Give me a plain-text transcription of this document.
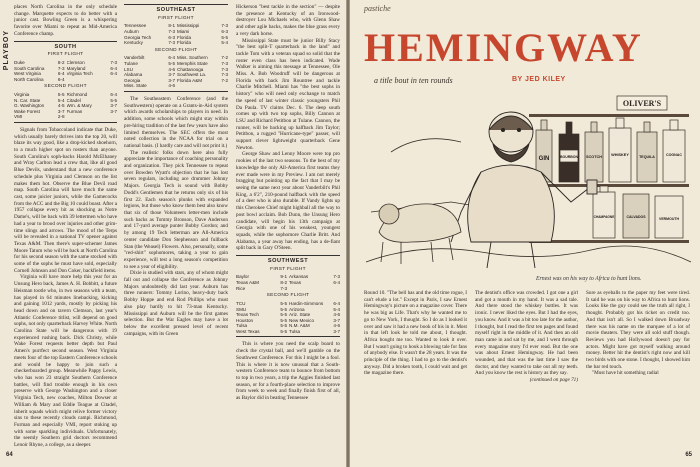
PLAYBOY

places North Carolina in the only schedule change. Marquette expects to do better with a junior cast. Bowling Green is a whispering favorite over Miami to repeat as Mid-America Conference champ.

SOUTH
FIRST FLIGHT
Duke	8-2 Clemson	7-3
South Carolina	7-3 Maryland	6-4
West Virginia	6-4 Virginia Tech	6-4
North Carolina	6-4
SECOND FLIGHT
Virginia	5-5 Richmond	6-4
N. Car. State	5-4 Citadel	5-5
G. Washington	4-5 Wm. & Mary	3-7
Wake Forest	3-7 Furman	3-7
VMI	2-8

Signals from Tobaccoland indicate that Duke, which usually barely thrives into the top 20, will blaze its way good, like a drop-kicked shoehorn, to a much higher spot on rosters than anyone. South Carolina's soph-backs Harold McElhaney and Wray Carlton lead a crew that, like all good Blue Devils, understand that a new conference schedule plus Virginia and Clemson on the list makes them hot. Observe the Blue Devil road map. South Carolina will have much the same cast, some juicier juniors, while the Gamecocks from the ACC and the Big 10 could boast. After a 1957 collapse every bit as shocking as Notre Dame's, will be back with 39 lettermen who have had a year to brood over injuries and other grim-time slings and arrows. The mood of the Terps will be revealed in a national TV opener against Texas A&M. Then there's super-schemer James Moore Tatum who will be back at North Carolina for his second season with the same stocked with some of the sophs he must have sold, especially Cornell Johnson and Don Coker, backfield items.

Virginia will have more help this year for an Unsung Hero back, James A. H. Bobbitt, a future Heisman tootle who, in two seasons with a team, has played in 64 minutes linebacking, kicking and gaining 1012 yards, mostly by picking his head down and on tavern Clemson, last year's Atlantic Conference titlist, will depend on good sophs, not only quarterback Harvey White. North Carolina State will be dangerous with 19 experienced rushing back. Dick Christy, while Wake Forest requests better depth but Paul Amen's purrfect second season. West Virginia meets four of the top Eastern Conference schools and would be happy to join such a checkerboarded group. Meanwhile Pappy Lewis, who has won 23 straight Southern Conference battles, will find trouble enough in his own preserve with George Washington and a closer Virginia Tech, new coaches, Milton Dowser at William & Mary and Eddie Teague at Citadel, inherit squads which might relive former victory sins to these recently clouds campi. Richmond, Furman and especially VMI, report stoking up with some sparkling individuals. Unfortunately, the seemly Southern grid doctors recommend Lenoir Rhyne, a college, as a sleeper.

SOUTHEAST
FIRST FLIGHT
Tennessee	8-1 Mississippi	7-3
Auburn	7-3 Miami	6-3
Georgia Tech	6-3 Florida	5-5
Kentucky	7-3 Florida	5-4
SECOND FLIGHT
Vanderbilt	6-4 Miss. Southern	7-2
Tulane	5-5 Memphis State	7-3
LSU	4-6 Chattanooga	7-3
Alabama	3-7 Southwest La.	7-3
Georgia	3-7 Florida A&M	7-2
Miss. State	4-6

The Southeastern Conference (and the Southwestern) operate on a Grants-in-Aid system which awards scholarships to players in need. In addition, some schools which might stay within pre-hiring tradition of the last few years have also limited themselves. The SEC offers the most noted collection in the NCAA for trial on a national basis. (I hardly care and will not print it.)

The realistic folks down here also fully appreciate the importance of coaching personality and organization. They pick Tennessee to repeat over Bowden Wyatt's objection that he has lost seven regulars, including ace drummer Johnny Majors. Georgia Tech is sound with Bobby Dodd's Gentlemen that he returns only six of his first 22. Each season's plunks with expanded legions, but those who know them best also know that six of those Volunteers letter-men include such backs as Tommy Bronson, Dave Anderson and 17-yard average punter Bobby Gordon; and by among 19 Tech letterman are All-America center candidate Don Stephenson and fullback Stan (the Weasel) Flowers. Also, personally, some "red-shirt" sophomores, taking a year to gain experience, will test a long season's competition to see a year of eligibility.

Dixie is studied with stars, any of whom might fall out and collapse the Conference as Johnny Majors undoubtedly did last year. Auburn has three runners: Tommy Lorino, heavy-duty back Bobby Hoppe and end Rod Phillips who must also play hardly to hit 73-man Kentucky. Mississippi and Auburn will be the first games selection. But the War Eagles may have a lot below the excellent pressed level of recent campaigns, with its Green

Hickerson "best tackle in the section" — despite the presence at Kentucky of an Ironwood-destroyer Lou Michaels who, with Glenn Shaw and other agile backs, makes the blue grass every a very dark horse.

Mississippi State must be junior Billy Stacy "the best split-T quarterback in the land" and tackle Tom with a veteran squad so solid that the roster even class has been indicated. Wade Walker is aiming this message at Tennessee, Ole Miss. A. Bob Woodruff will be dangerous at Florida with back Jim Rountree and tackle Charlie Mitchell. Miami has "the best sophs in history" who will need only exchange to match the speed of last winter classic youngsters Phil Da Paula. TV claims Dec. 6. The deep south comes up with two top sophs, Billy Cannon at LSU and Richard Petitbon at Tulane. Cannon, the runner, will be backing up halfback Jim Taylor; Petitbon, a rugged "Hurricane-type" passer, will support clever lightweight quarterback Gene Newton.

George Shaw and Lenny Moore were top pro rookies of the last two seasons. To the best of my knowledge the only All-America first teams they ever made were in my Preview. I am not merely bragging but pointing up the fact that I may be seeing the same next year about Vanderbilt's Phil King, a 6'2", 210-pound halfback with the speed of a deer who is also durable. If Vandy lights up this Cherokee Chief might highball all the way to post bowl acclaim. Bob Dunn, the Unsung Hero candidate, will begin his 13th campaign at Georgia with one of his weakest, youngest squads, while the sophomore Charlie Britt. And Alabama, a year away has ending, has a de-fiant split back in Gary O'Steen.

SOUTHWEST
FIRST FLIGHT
Baylor	9-1 Arkansas	7-3
Texas A&M	8-2 Texas	6-4
Rice	7-3
SECOND FLIGHT
TCU	5-5 Hardin-Simmons	6-4
SMU	5-5 Arizona	5-4
Texas Tech	5-5 Ariz. State	4-6
Houston	5-5 New Mexico	3-7
Tulsa	5-5 N.M. A&M	4-6
West Texas	5-5 Tulsa	3-7

This is where you need the scalp board to check the crystal ball, and we'll gamble on the Southwest Conference. For this I might be a fool. This is where it is now unusual that a South-western Conference team to bounce from bottom to top in two years, a trip the Aggies finished last season, or for a fourth-place selection to improve from week to week and finally finish first of all, as Baylor did in beating Tennessee

64
pastiche
HEMINGWAY
a title bout in ten rounds	BY JED KILEY
OLIVER'S
GIN	BOURBON SCOTCH WHISKEY	TEQUILA	COGNAC
CHAMPAGNE	CALVADOS	VERMOUTH
Ernest was on his way to Africa to hunt lions.

Round 10. "The bell has and the old time rogue, I can't elude a lot." Except in Paris, I saw Ernest Hemingway's picture on a magazine cover. There he was big as Life. That's why he wanted me to go to New York, I thought. So I do as I looked it over and saw it had a new book of his in it. Most in that left look he told me about, I thought. Africa bought me too. Wanted to look it over. But I wasn't going to hook a blowing tale for fans of anybody else. It wasn't the 28 years. It was the principle of the thing. I had to go to the dentist's anyway. Did a broken tooth, I could wait and get the magazine there.

The dentist's office was crowded. I got one a girl and got a mouth in my hand. It was a sad tale. And there stood the whiskey bottles. It was ironic. I never liked the eyes. But I had the eyes, you know. And it was a bit too late for the author, I thought, but I read the first ten pages and found myself right in the middle of it. And then an old man came in and sat by me, and I went through every magazine story I'd ever read. But the one was about Ernest Hemingway. He had been wounded, and that was the last time I saw the doctor, and they wanted to take out all my teeth. And you know the rest is history as they say.

(continued on page 71)

Sure as eyeballs to the paper my feet were tired. It said he was on his way to Africa to hunt lions. Looks like the guy could see the truth all right, I thought. Probably got his ticket on credit too. And that isn't all. So I walked down Broadway there was his name on the marquee of a lot of movie theaters. They were all sold stuff though. Reviews you had Hollywood doesn't pay for actors. Might have got myself walking around money. Better hit the dentist's right now and kill two birds with one stone. I thought, I showed him the bar red touch.

"Must have hit something radial

65
